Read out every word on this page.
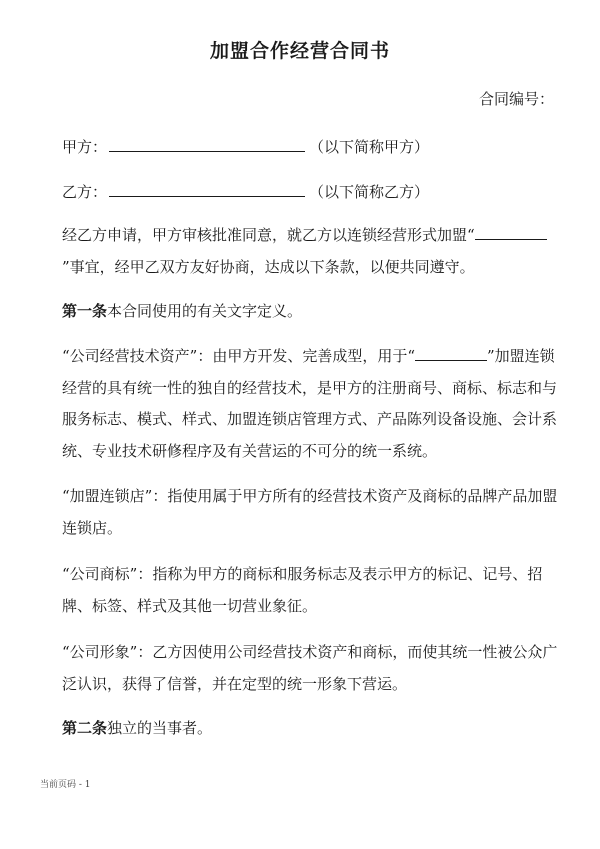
加盟合作经营合同书
合同编号：
甲方：	（以下简称甲方）
乙方：	（以下简称乙方）

经乙方申请，甲方审核批准同意，就乙方以连锁经营形式加盟“”事宜，经甲乙双方友好协商，达成以下条款，以便共同遵守。

第一条本合同使用的有关文字定义。

“公司经营技术资产”：由甲方开发、完善成型，用于“	”加盟连锁经营的具有统一性的独自的经营技术，是甲方的注册商号、商标、标志和与服务标志、模式、样式、加盟连锁店管理方式、产品陈列设备设施、会计系统、专业技术研修程序及有关营运的不可分的统一系统。

“加盟连锁店”：指使用属于甲方所有的经营技术资产及商标的品牌产品加盟连锁店。

“公司商标”：指称为甲方的商标和服务标志及表示甲方的标记、记号、招牌、标签、样式及其他一切营业象征。

“公司形象”：乙方因使用公司经营技术资产和商标，而使其统一性被公众广泛认识，获得了信誉，并在定型的统一形象下营运。

第二条独立的当事者。

当前页码 - 1
